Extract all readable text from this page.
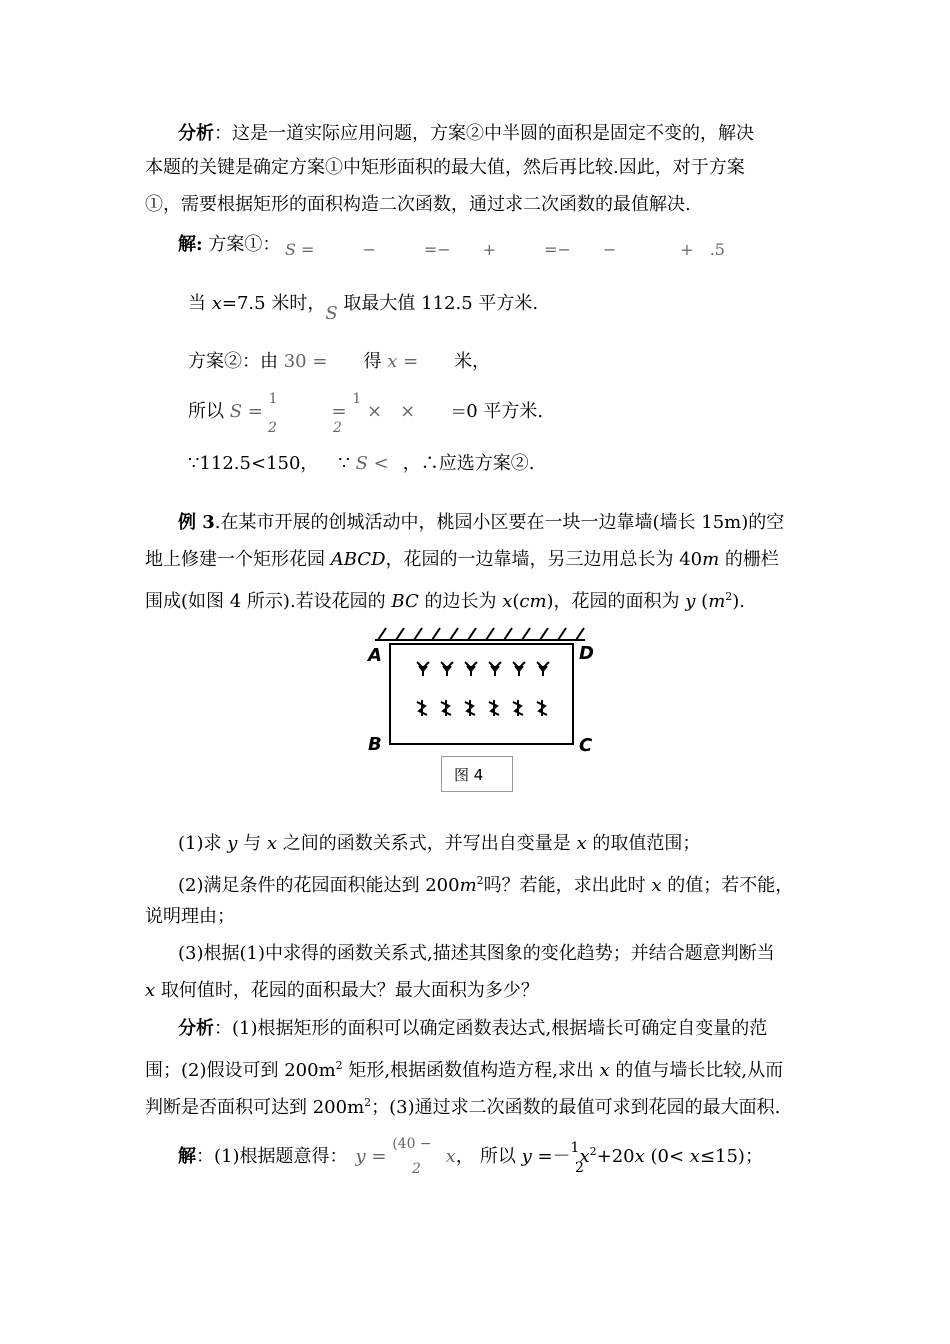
分析：这是一道实际应用问题，方案②中半圆的面积是固定不变的，解决
本题的关键是确定方案①中矩形面积的最大值，然后再比较.因此，对于方案
①，需要根据矩形的面积构造二次函数，通过求二次函数的最值解决.
解: 方案①： S =　　　−　　　=−　　+　　　=−　　−　　　　+　.5
当 x=7.5 米时，S 取最大值 112.5 平方米.
方案②：由 30 =　　得 x =　　米，
所以 S = $^1$　　　= $^1$ ×　×　　=0 平方米.
2	2
∵112.5<150， ∵ S < ，∴应选方案②.
例 3.在某市开展的创城活动中，桃园小区要在一块一边靠墙(墙长 15m)的空
地上修建一个矩形花园 ABCD，花园的一边靠墙，另三边用总长为 40m 的栅栏
围成(如图 4 所示).若设花园的 BC 的边长为 x(cm)，花园的面积为 y $(m^2)$.
A	D
B	C
图 4
(1)求 y 与 x 之间的函数关系式，并写出自变量是 x 的取值范围；
(2)满足条件的花园面积能达到 $200m^2$吗？若能，求出此时 x 的值；若不能，
说明理由；
(3)根据(1)中求得的函数关系式,描述其图象的变化趋势；并结合题意判断当
x 取何值时，花园的面积最大？最大面积为多少？
分析：(1)根据矩形的面积可以确定函数表达式,根据墙长可确定自变量的范
围；(2)假设可到 $200m^2$ 矩形,根据函数值构造方程,求出 x 的值与墙长比较,从而
判断是否面积可达到 $200m^2$；(3)通过求二次函数的最值可求到花园的最大面积.
解：(1)根据题意得： y = $^{(40 -}$x， 所以 $y =-^1x^2+20x$ (0< x≤15)；
2	2
